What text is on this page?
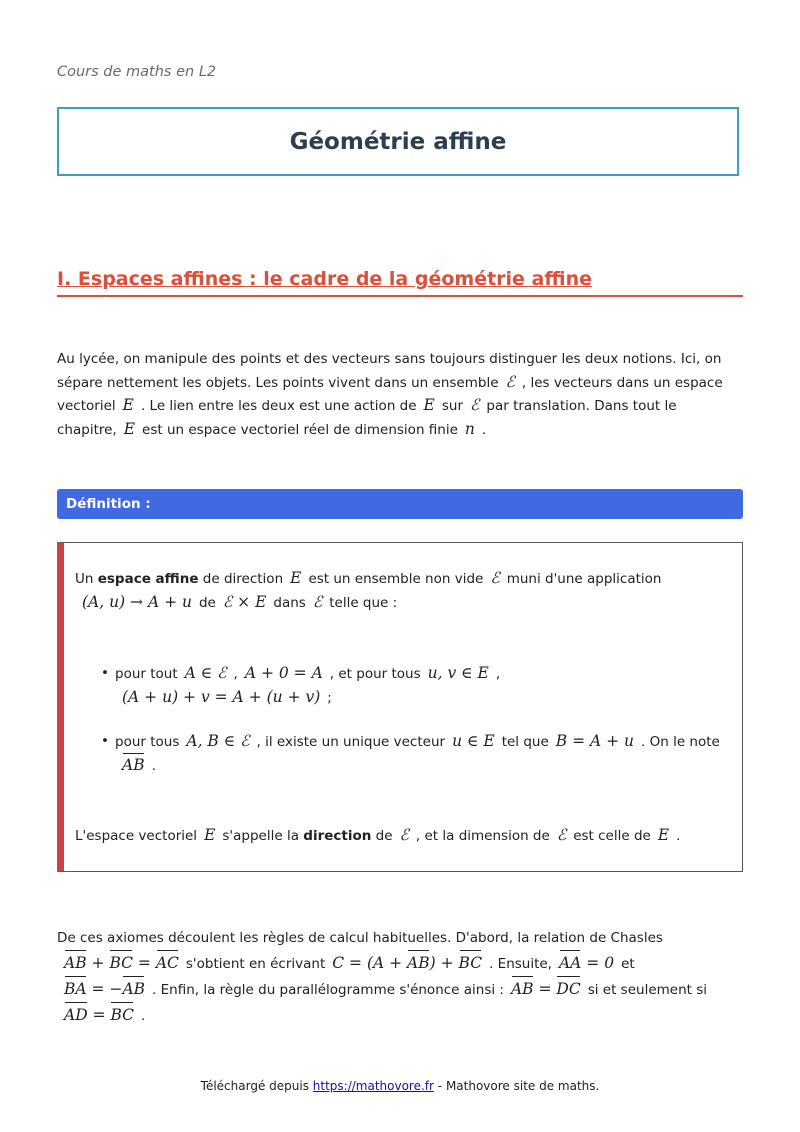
Cours de maths en L2
Géométrie affine
I. Espaces affines : le cadre de la géométrie affine

Au lycée, on manipule des points et des vecteurs sans toujours distinguer les deux notions. Ici, on sépare nettement les objets. Les points vivent dans un ensemble ℰ , les vecteurs dans un espace vectoriel E . Le lien entre les deux est une action de E sur ℰ par translation. Dans tout le chapitre, E est un espace vectoriel réel de dimension finie n .

Définition :

Un espace affine de direction E est un ensemble non vide ℰ muni d'une application
(A, u) → A + u de ℰ × E dans ℰ telle que :

• pour tout A ∈ ℰ , A + 0 = A , et pour tous u, v ∈ E ,
(A + u) + v = A + (u + v) ;
• pour tous A, B ∈ ℰ , il existe un unique vecteur u ∈ E tel que B = A + u . On le noteAB .

L'espace vectoriel E s'appelle la direction de ℰ , et la dimension de ℰ est celle de E .

De ces axiomes découlent les règles de calcul habituelles. D'abord, la relation de Chasles
AB + BC = AC s'obtient en écrivant C = (A + AB) + BC . Ensuite, AA = 0 et
BA = −AB . Enfin, la règle du parallélogramme s'énonce ainsi : AB = DC si et seulement si
AD = BC .

Téléchargé depuis https://mathovore.fr - Mathovore site de maths.
